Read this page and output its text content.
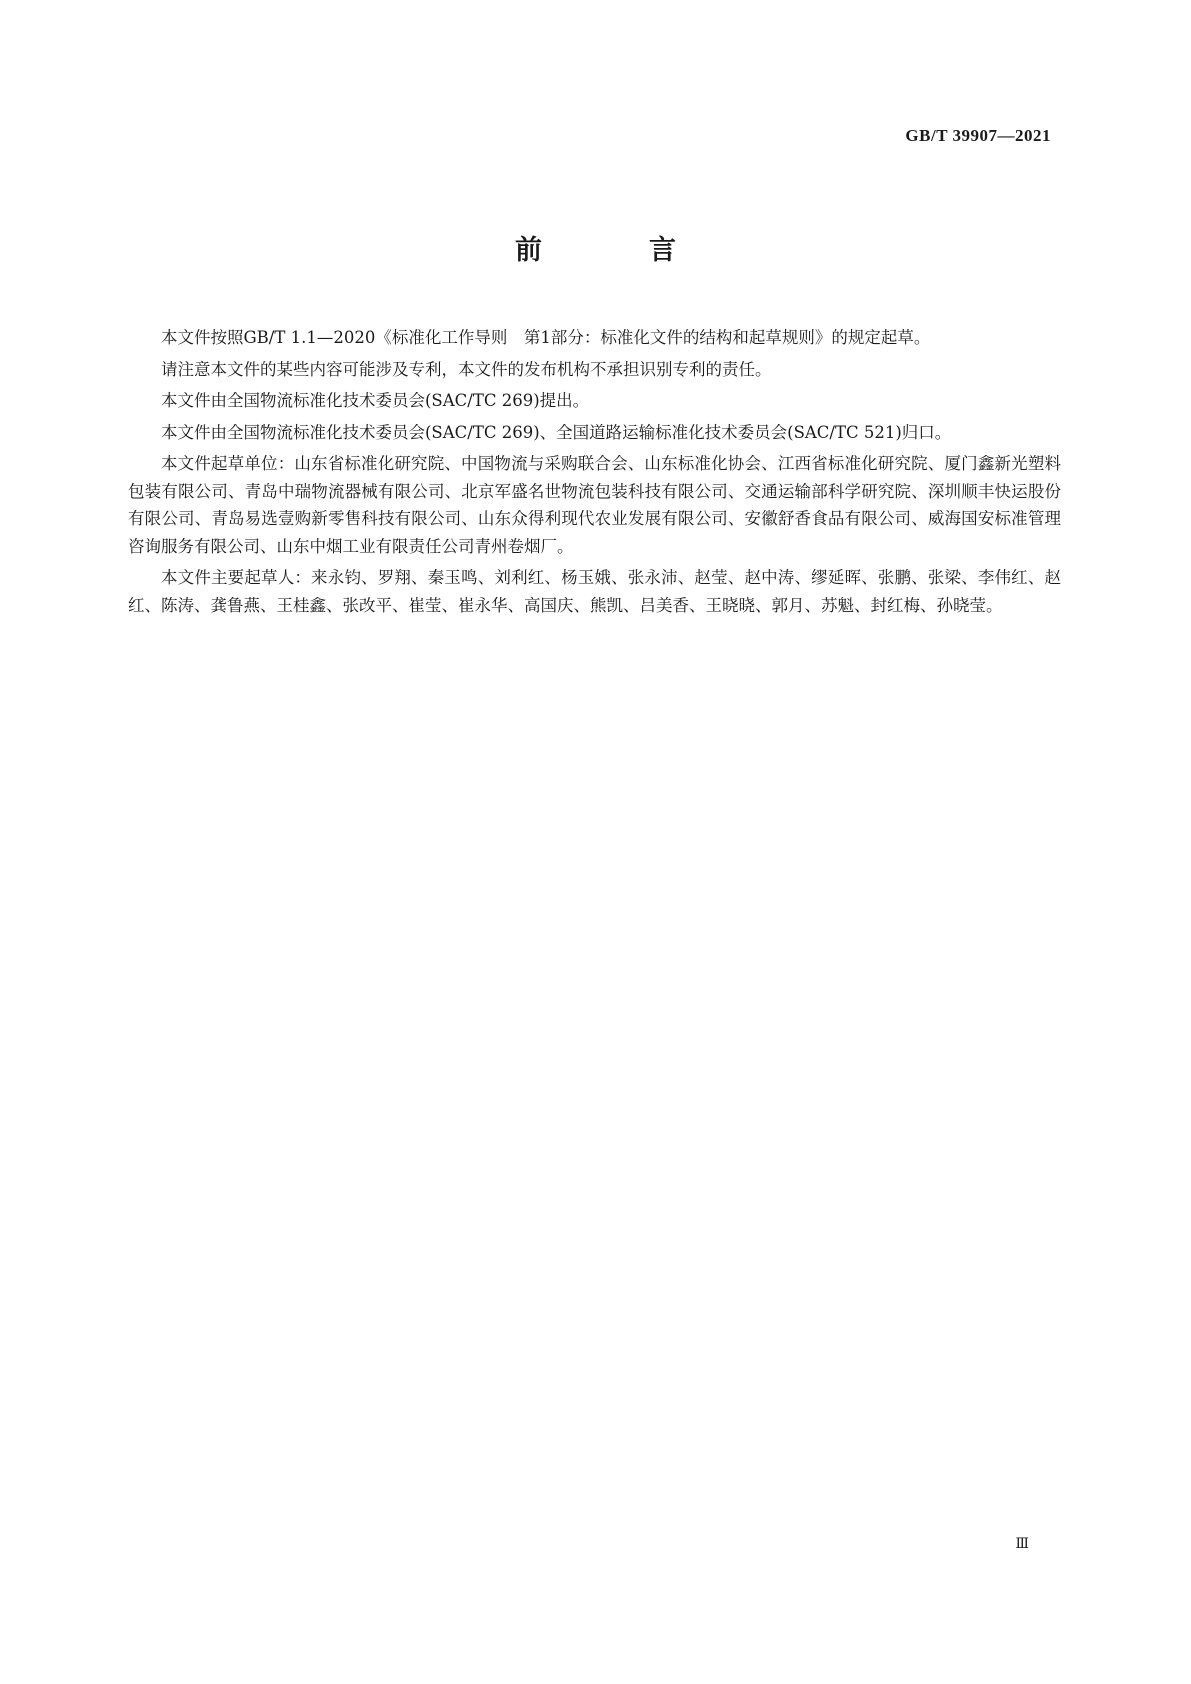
GB/T 39907—2021
前　言

本文件按照GB/T 1.1—2020《标准化工作导则　第1部分：标准化文件的结构和起草规则》的规定起草。

请注意本文件的某些内容可能涉及专利，本文件的发布机构不承担识别专利的责任。

本文件由全国物流标准化技术委员会(SAC/TC 269)提出。

本文件由全国物流标准化技术委员会(SAC/TC 269)、全国道路运输标准化技术委员会(SAC/TC 521)归口。

本文件起草单位：山东省标准化研究院、中国物流与采购联合会、山东标准化协会、江西省标准化研究院、厦门鑫新光塑料包装有限公司、青岛中瑞物流器械有限公司、北京军盛名世物流包装科技有限公司、交通运输部科学研究院、深圳顺丰快运股份有限公司、青岛易选壹购新零售科技有限公司、山东众得利现代农业发展有限公司、安徽舒香食品有限公司、威海国安标准管理咨询服务有限公司、山东中烟工业有限责任公司青州卷烟厂。

本文件主要起草人：来永钧、罗翔、秦玉鸣、刘利红、杨玉娥、张永沛、赵莹、赵中涛、缪延晖、张鹏、张梁、李伟红、赵红、陈涛、龚鲁燕、王桂鑫、张改平、崔莹、崔永华、高国庆、熊凯、吕美香、王晓晓、郭月、苏魁、封红梅、孙晓莹。

Ⅲ
